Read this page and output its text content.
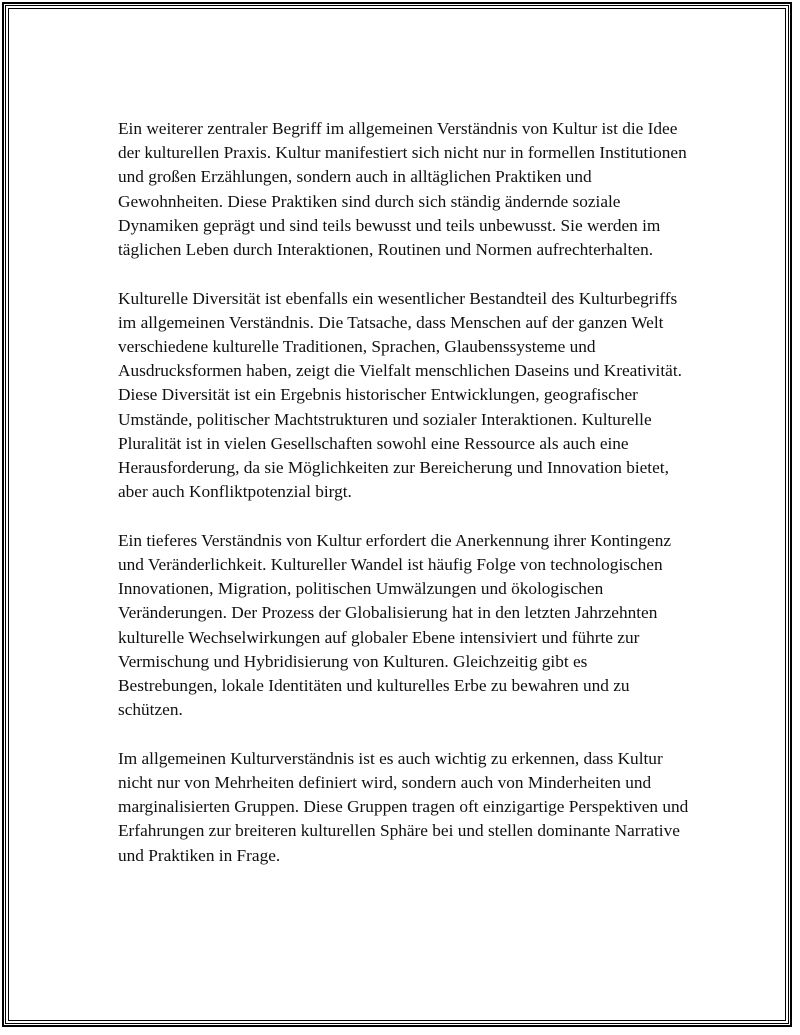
Ein weiterer zentraler Begriff im allgemeinen Verständnis von Kultur ist die Idee der kulturellen Praxis. Kultur manifestiert sich nicht nur in formellen Institutionen und großen Erzählungen, sondern auch in alltäglichen Praktiken und Gewohnheiten. Diese Praktiken sind durch sich ständig ändernde soziale Dynamiken geprägt und sind teils bewusst und teils unbewusst. Sie werden im täglichen Leben durch Interaktionen, Routinen und Normen aufrechterhalten.

Kulturelle Diversität ist ebenfalls ein wesentlicher Bestandteil des Kulturbegriffs im allgemeinen Verständnis. Die Tatsache, dass Menschen auf der ganzen Welt verschiedene kulturelle Traditionen, Sprachen, Glaubenssysteme und Ausdrucksformen haben, zeigt die Vielfalt menschlichen Daseins und Kreativität. Diese Diversität ist ein Ergebnis historischer Entwicklungen, geografischer Umstände, politischer Machtstrukturen und sozialer Interaktionen. Kulturelle Pluralität ist in vielen Gesellschaften sowohl eine Ressource als auch eine Herausforderung, da sie Möglichkeiten zur Bereicherung und Innovation bietet, aber auch Konfliktpotenzial birgt.

Ein tieferes Verständnis von Kultur erfordert die Anerkennung ihrer Kontingenz und Veränderlichkeit. Kultureller Wandel ist häufig Folge von technologischen Innovationen, Migration, politischen Umwälzungen und ökologischen Veränderungen. Der Prozess der Globalisierung hat in den letzten Jahrzehnten kulturelle Wechselwirkungen auf globaler Ebene intensiviert und führte zur Vermischung und Hybridisierung von Kulturen. Gleichzeitig gibt es Bestrebungen, lokale Identitäten und kulturelles Erbe zu bewahren und zu schützen.

Im allgemeinen Kulturverständnis ist es auch wichtig zu erkennen, dass Kultur nicht nur von Mehrheiten definiert wird, sondern auch von Minderheiten und marginalisierten Gruppen. Diese Gruppen tragen oft einzigartige Perspektiven und Erfahrungen zur breiteren kulturellen Sphäre bei und stellen dominante Narrative und Praktiken in Frage.
